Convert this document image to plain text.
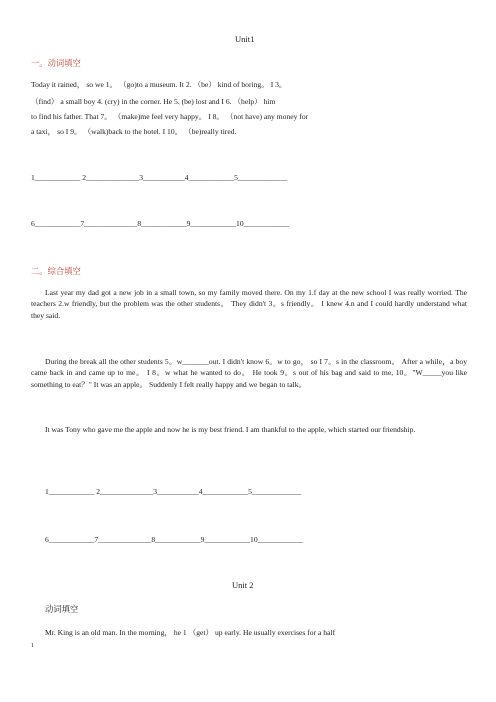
Unit1
一。动词填空
Today it rained， so we 1。 （go)to a museum. It 2. （be） kind of boring。 I 3。
（find） a small boy 4. (cry) in the corner. He 5. (be) lost and I 6. （help） him
to find his father. That 7。 （make)me feel very happy。 I 8。 （not have) any money for
a taxi， so I 9。 （walk)back to the hotel. I 10。 （be)really tired.
1____________ 2______________3___________4____________5_____________
6____________7______________8____________9____________10____________
二。综合填空
Last year my dad got a new job in a small town, so my family moved there. On my 1.f day at the new school I was really worried. The teachers 2.w friendly, but the problem was the other students。 They didn't 3。s friendly。 I knew 4.n and I could hardly understand what they said.
During the break all the other students 5。w_______out. I didn't know 6。w to go， so I 7。s in the classroom。 After a while，a boy came back in and came up to me。 I 8。w what he wanted to do。 He took 9。s out of his bag and said to me, 10。"W_____you like something to eat？" It was an apple。 Suddenly I felt really happy and we began to talk。
It was Tony who gave me the apple and now he is my best friend. I am thankful to the apple, which started our friendship.
1____________ 2______________3___________4____________5_____________
6____________7______________8____________9____________10____________
Unit 2
动词填空
Mr. King is an old man. In the morning， he 1 （get） up early. He usually exercises for a half
1
